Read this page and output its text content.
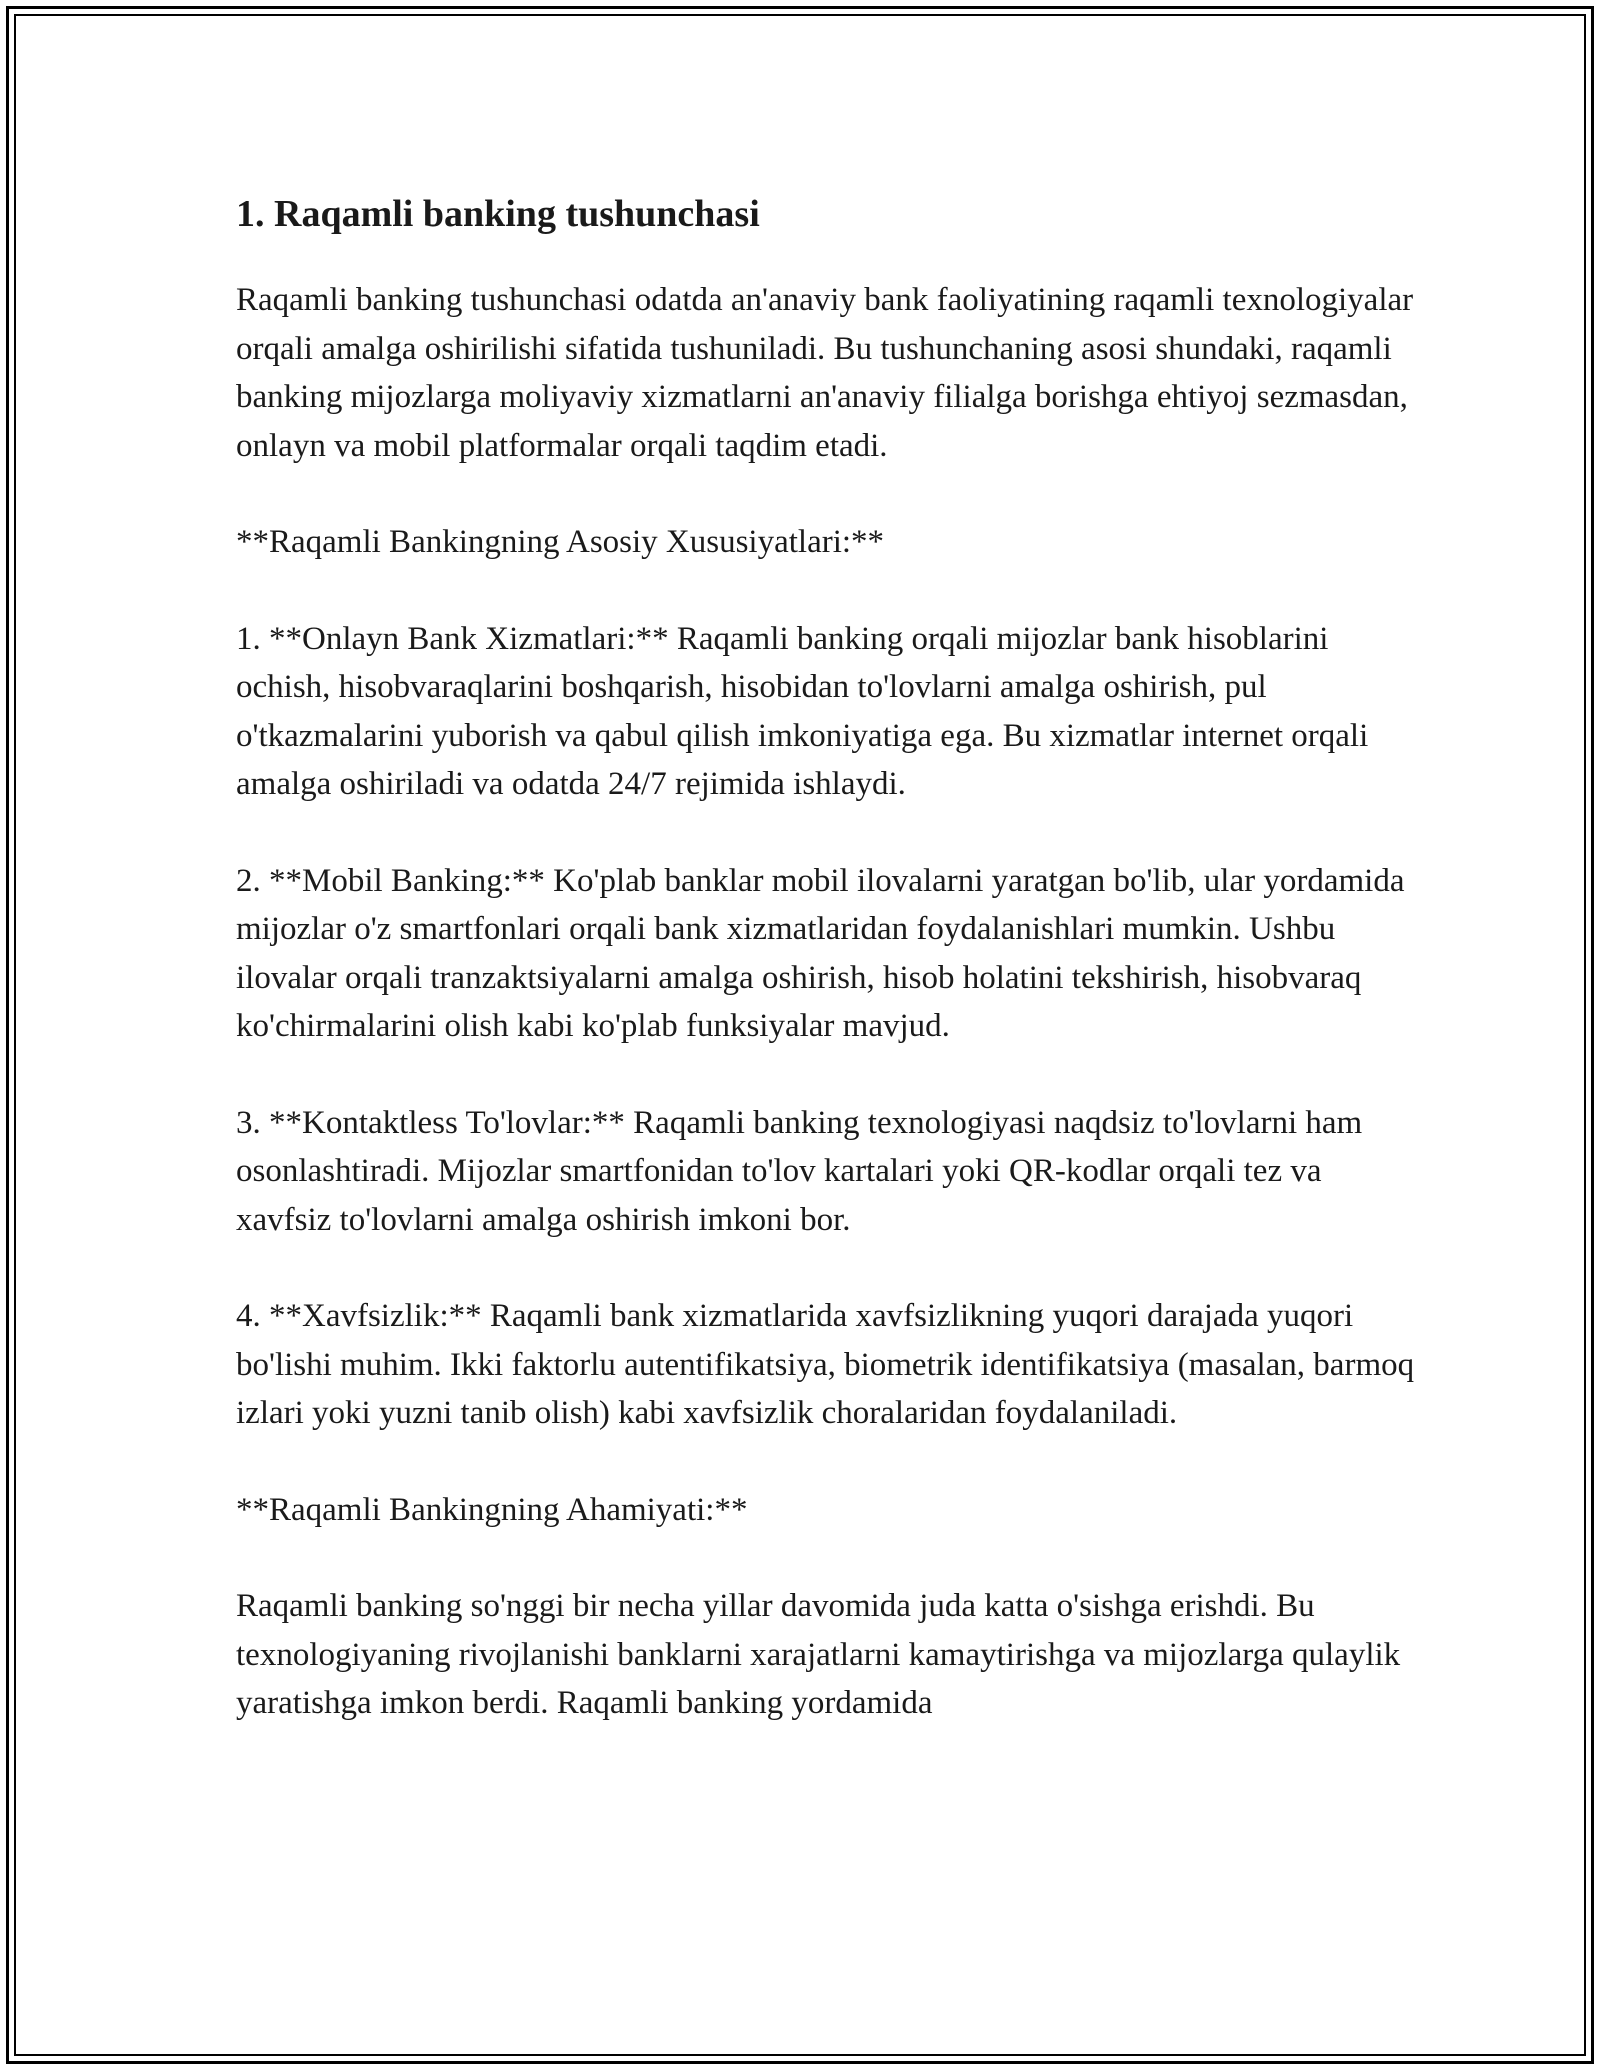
1. Raqamli banking tushunchasi

Raqamli banking tushunchasi odatda an'anaviy bank faoliyatining raqamli texnologiyalar orqali amalga oshirilishi sifatida tushuniladi. Bu tushunchaning asosi shundaki, raqamli banking mijozlarga moliyaviy xizmatlarni an'anaviy filialga borishga ehtiyoj sezmasdan, onlayn va mobil platformalar orqali taqdim etadi.

**Raqamli Bankingning Asosiy Xususiyatlari:**

1. **Onlayn Bank Xizmatlari:** Raqamli banking orqali mijozlar bank hisoblarini ochish, hisobvaraqlarini boshqarish, hisobidan to'lovlarni amalga oshirish, pul o'tkazmalarini yuborish va qabul qilish imkoniyatiga ega. Bu xizmatlar internet orqali amalga oshiriladi va odatda 24/7 rejimida ishlaydi.

2. **Mobil Banking:** Ko'plab banklar mobil ilovalarni yaratgan bo'lib, ular yordamida mijozlar o'z smartfonlari orqali bank xizmatlaridan foydalanishlari mumkin. Ushbu ilovalar orqali tranzaktsiyalarni amalga oshirish, hisob holatini tekshirish, hisobvaraq ko'chirmalarini olish kabi ko'plab funksiyalar mavjud.

3. **Kontaktless To'lovlar:** Raqamli banking texnologiyasi naqdsiz to'lovlarni ham osonlashtiradi. Mijozlar smartfonidan to'lov kartalari yoki QR-kodlar orqali tez va xavfsiz to'lovlarni amalga oshirish imkoni bor.

4. **Xavfsizlik:** Raqamli bank xizmatlarida xavfsizlikning yuqori darajada yuqori bo'lishi muhim. Ikki faktorlu autentifikatsiya, biometrik identifikatsiya (masalan, barmoq izlari yoki yuzni tanib olish) kabi xavfsizlik choralaridan foydalaniladi.

**Raqamli Bankingning Ahamiyati:**

Raqamli banking so'nggi bir necha yillar davomida juda katta o'sishga erishdi. Bu texnologiyaning rivojlanishi banklarni xarajatlarni kamaytirishga va mijozlarga qulaylik yaratishga imkon berdi. Raqamli banking yordamida
